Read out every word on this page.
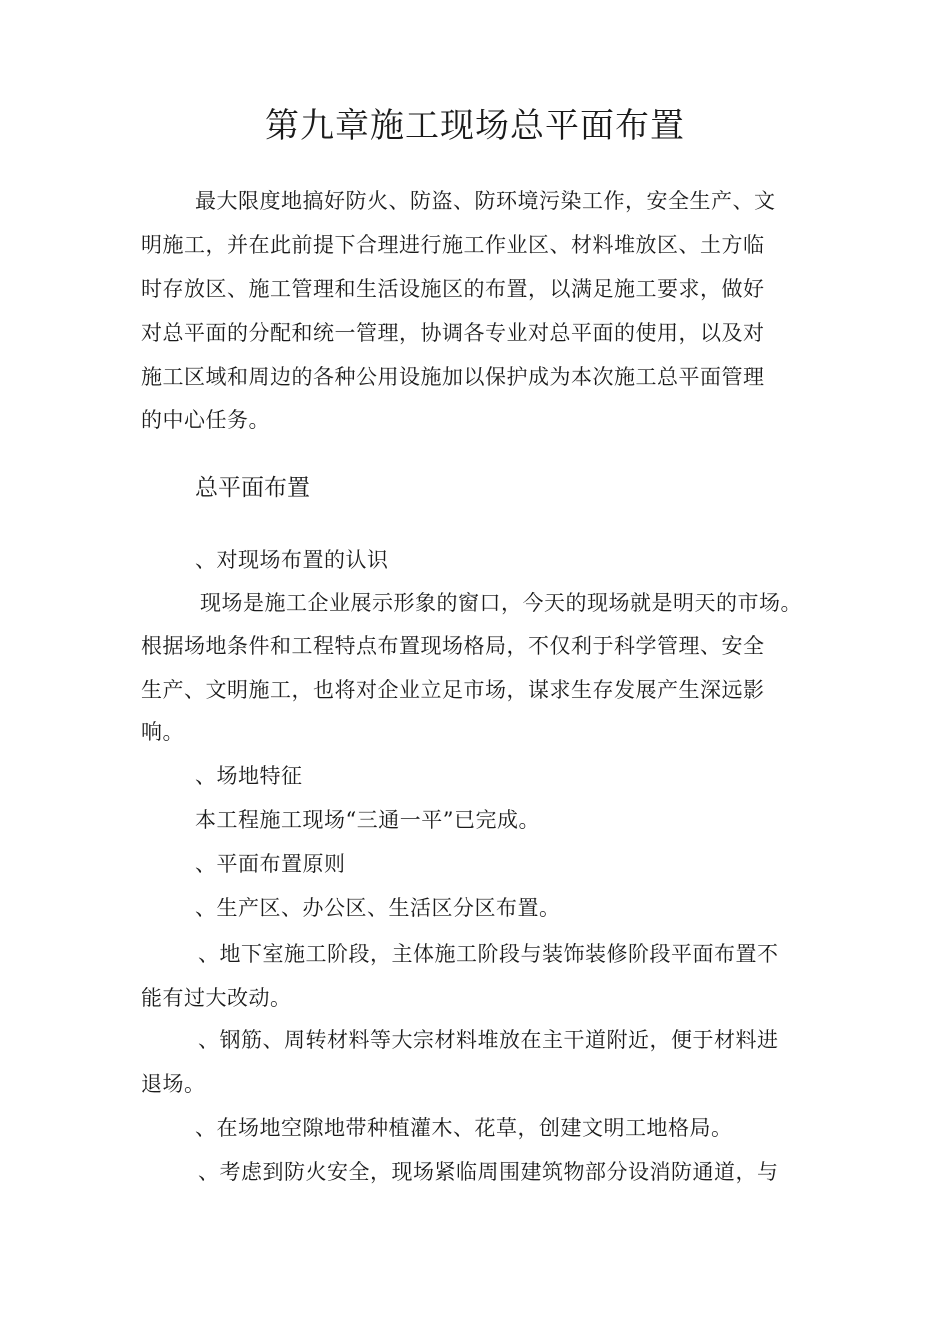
第九章施工现场总平面布置
最大限度地搞好防火、防盗、防环境污染工作，安全生产、文
明施工，并在此前提下合理进行施工作业区、材料堆放区、土方临
时存放区、施工管理和生活设施区的布置，以满足施工要求，做好
对总平面的分配和统一管理，协调各专业对总平面的使用，以及对
施工区域和周边的各种公用设施加以保护成为本次施工总平面管理
的中心任务。
总平面布置
、对现场布置的认识
现场是施工企业展示形象的窗口，今天的现场就是明天的市场。
根据场地条件和工程特点布置现场格局，不仅利于科学管理、安全
生产、文明施工，也将对企业立足市场，谋求生存发展产生深远影
响。
、场地特征
本工程施工现场“三通一平”已完成。
、平面布置原则
、生产区、办公区、生活区分区布置。
、地下室施工阶段，主体施工阶段与装饰装修阶段平面布置不
能有过大改动。
、钢筋、周转材料等大宗材料堆放在主干道附近，便于材料进
退场。
、在场地空隙地带种植灌木、花草，创建文明工地格局。
、考虑到防火安全，现场紧临周围建筑物部分设消防通道，与
